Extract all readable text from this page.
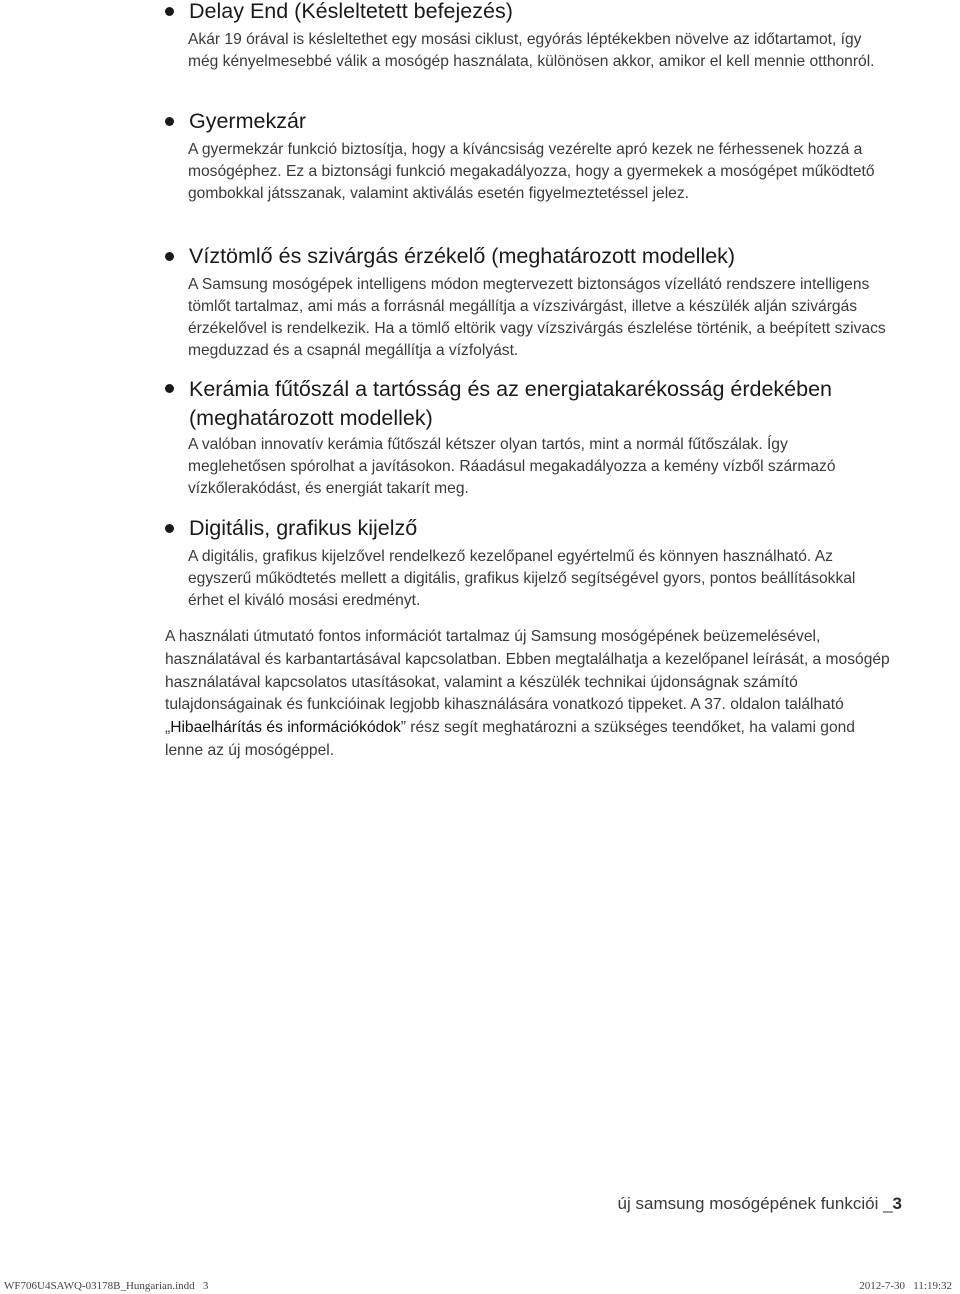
Delay End (Késleltetett befejezés)

Akár 19 órával is késleltethet egy mosási ciklust, egyórás léptékekben növelve az időtartamot, így még kényelmesebbé válik a mosógép használata, különösen akkor, amikor el kell mennie otthonról.

Gyermekzár

A gyermekzár funkció biztosítja, hogy a kíváncsiság vezérelte apró kezek ne férhessenek hozzá a mosógéphez. Ez a biztonsági funkció megakadályozza, hogy a gyermekek a mosógépet működtető gombokkal játsszanak, valamint aktiválás esetén figyelmeztetéssel jelez.

Víztömlő és szivárgás érzékelő (meghatározott modellek)

A Samsung mosógépek intelligens módon megtervezett biztonságos vízellátó rendszere intelligens tömlőt tartalmaz, ami más a forrásnál megállítja a vízszivárgást, illetve a készülék alján szivárgás érzékelővel is rendelkezik. Ha a tömlő eltörik vagy vízszivárgás észlelése történik, a beépített szivacs megduzzad és a csapnál megállítja a vízfolyást.

Kerámia fűtőszál a tartósság és az energiatakarékosság érdekében (meghatározott modellek)

A valóban innovatív kerámia fűtőszál kétszer olyan tartós, mint a normál fűtőszálak. Így meglehetősen spórolhat a javításokon. Ráadásul megakadályozza a kemény vízből származó vízkőlerakódást, és energiát takarít meg.

Digitális, grafikus kijelző

A digitális, grafikus kijelzővel rendelkező kezelőpanel egyértelmű és könnyen használható. Az egyszerű működtetés mellett a digitális, grafikus kijelző segítségével gyors, pontos beállításokkal érhet el kiváló mosási eredményt.

A használati útmutató fontos információt tartalmaz új Samsung mosógépének beüzemelésével, használatával és karbantartásával kapcsolatban. Ebben megtalálhatja a kezelőpanel leírását, a mosógép használatával kapcsolatos utasításokat, valamint a készülék technikai újdonságnak számító tulajdonságainak és funkcióinak legjobb kihasználására vonatkozó tippeket. A 37. oldalon található „Hibaelhárítás és információkódok” rész segít meghatározni a szükséges teendőket, ha valami gond lenne az új mosógéppel.

új samsung mosógépének funkciói _3
WF706U4SAWQ-03178B_Hungarian.indd   3	2012-7-30   11:19:32
